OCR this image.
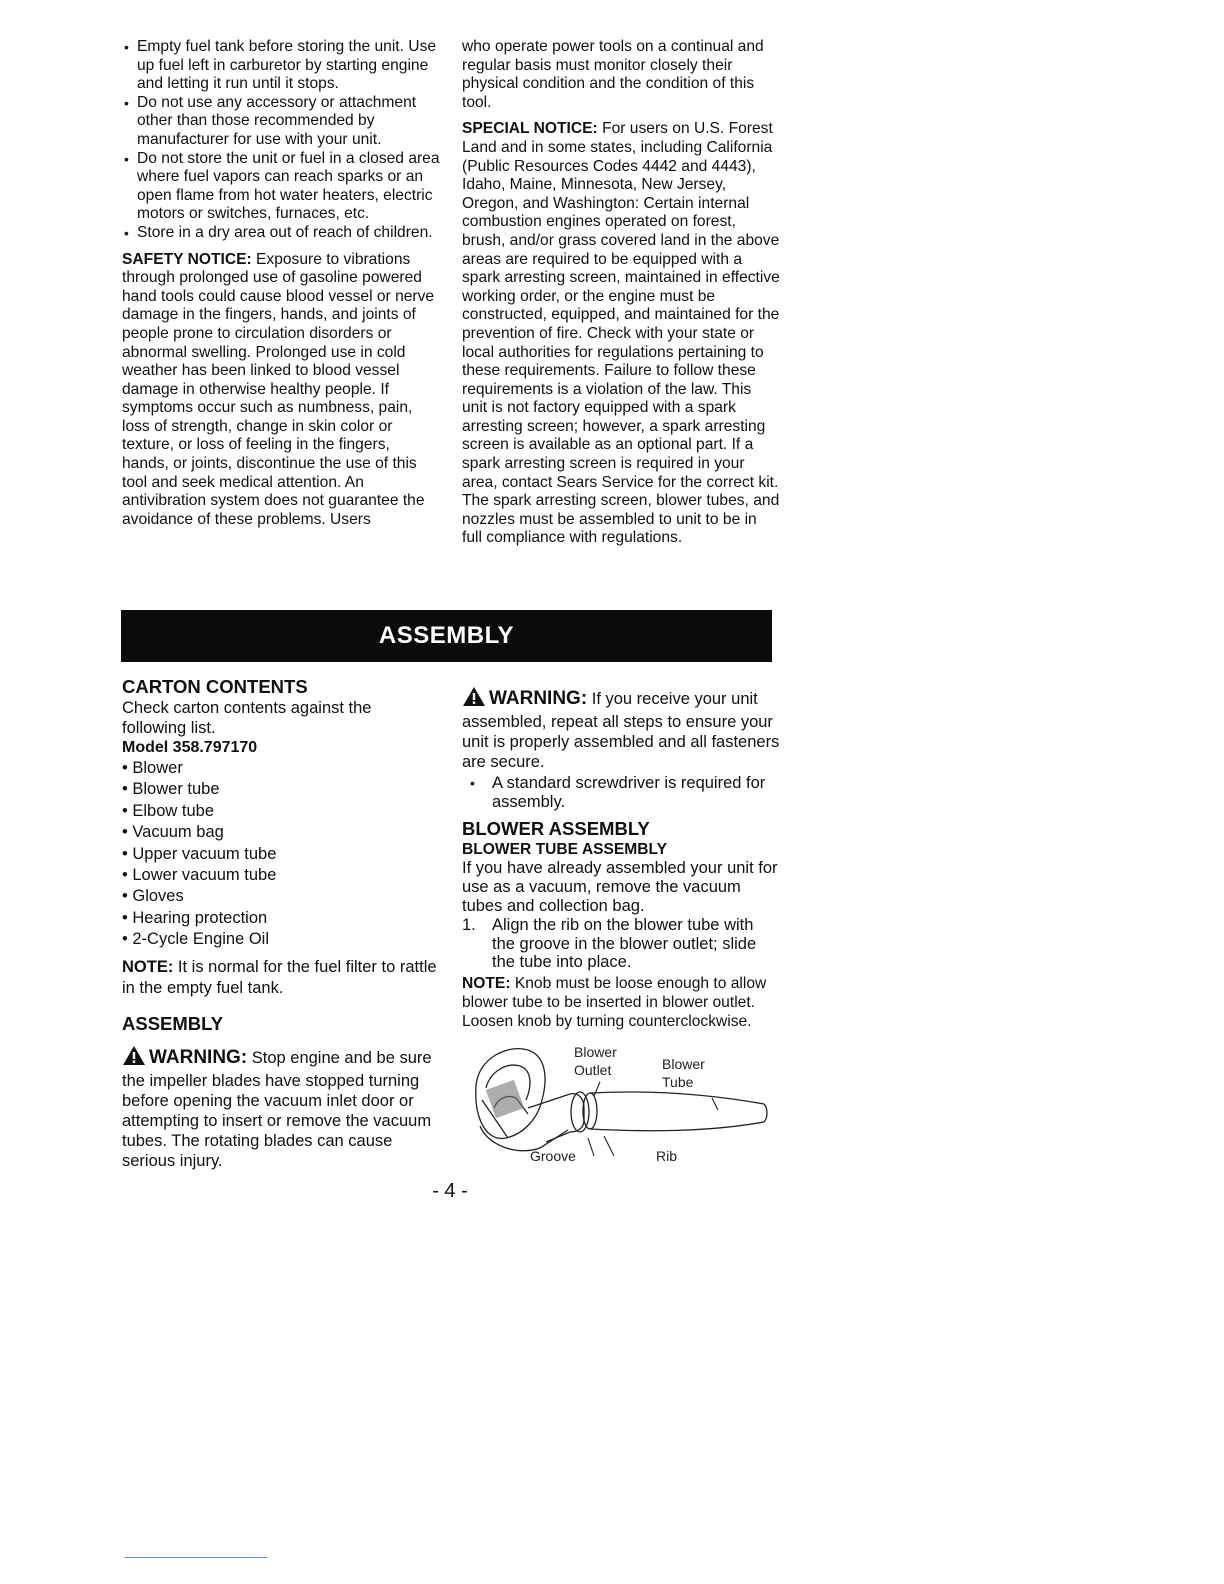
• Empty fuel tank before storing the unit. Use up fuel left in carburetor by starting engine and letting it run until it stops.
• Do not use any accessory or attachment other than those recommended by manufacturer for use with your unit.
• Do not store the unit or fuel in a closed area where fuel vapors can reach sparks or an open flame from hot water heaters, electric motors or switches, furnaces, etc.
• Store in a dry area out of reach of children.

SAFETY NOTICE: Exposure to vibrations through prolonged use of gasoline powered hand tools could cause blood vessel or nerve damage in the fingers, hands, and joints of people prone to circulation disorders or abnormal swelling. Prolonged use in cold weather has been linked to blood vessel damage in otherwise healthy people. If symptoms occur such as numbness, pain, loss of strength, change in skin color or texture, or loss of feeling in the fingers, hands, or joints, discontinue the use of this tool and seek medical attention. An antivibration system does not guarantee the avoidance of these problems. Users

who operate power tools on a continual and regular basis must monitor closely their physical condition and the condition of this tool.

SPECIAL NOTICE: For users on U.S. Forest Land and in some states, including California (Public Resources Codes 4442 and 4443), Idaho, Maine, Minnesota, New Jersey, Oregon, and Washington: Certain internal combustion engines operated on forest, brush, and/or grass covered land in the above areas are required to be equipped with a spark arresting screen, maintained in effective working order, or the engine must be constructed, equipped, and maintained for the prevention of fire. Check with your state or local authorities for regulations pertaining to these requirements. Failure to follow these requirements is a violation of the law. This unit is not factory equipped with a spark arresting screen; however, a spark arresting screen is available as an optional part. If a spark arresting screen is required in your area, contact Sears Service for the correct kit. The spark arresting screen, blower tubes, and nozzles must be assembled to unit to be in full compliance with regulations.

ASSEMBLY
CARTON CONTENTS

Check carton contents against the following list.

Model 358.797170

• Blower
• Blower tube
• Elbow tube
• Vacuum bag
• Upper vacuum tube
• Lower vacuum tube
• Gloves
• Hearing protection
• 2-Cycle Engine Oil

NOTE: It is normal for the fuel filter to rattle in the empty fuel tank.

ASSEMBLY

WARNING: Stop engine and be sure the impeller blades have stopped turning before opening the vacuum inlet door or attempting to insert or remove the vacuum tubes. The rotating blades can cause serious injury.

WARNING: If you receive your unit assembled, repeat all steps to ensure your unit is properly assembled and all fasteners are secure.

• A standard screwdriver is required for assembly.
BLOWER ASSEMBLY
BLOWER TUBE ASSEMBLY

If you have already assembled your unit for use as a vacuum, remove the vacuum tubes and collection bag.

1. Align the rib on the blower tube with the groove in the blower outlet; slide the tube into place.

NOTE: Knob must be loose enough to allow blower tube to be inserted in blower outlet. Loosen knob by turning counterclockwise.

Blower
Outlet	Blower
Tube
Groove	Rib
- 4 -
